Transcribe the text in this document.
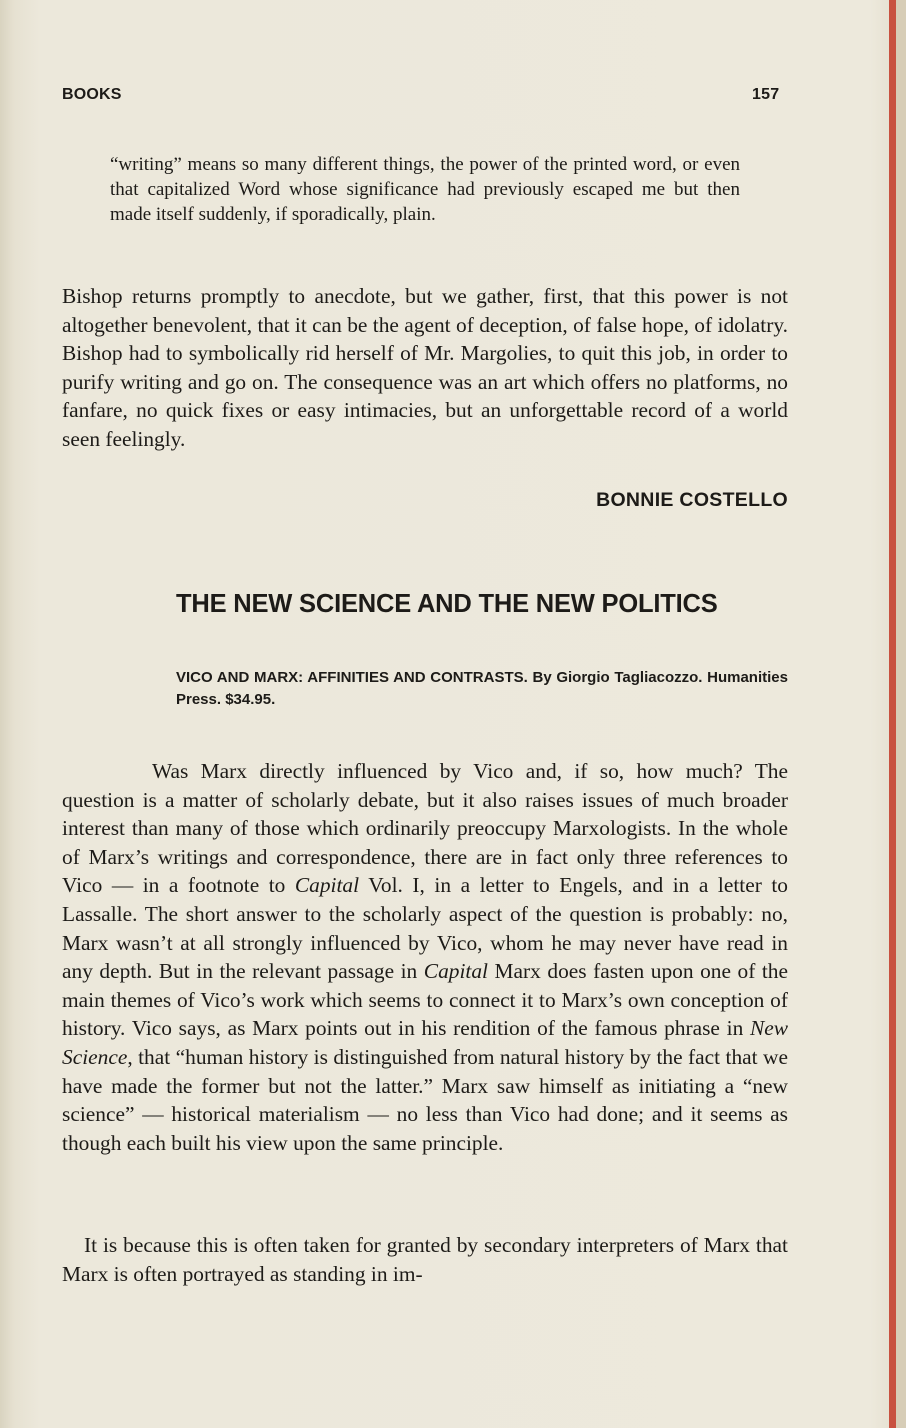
BOOKS	157
“writing” means so many different things, the power of the printed word, or even that capitalized Word whose significance had previously escaped me but then made itself suddenly, if sporadically, plain.
Bishop returns promptly to anecdote, but we gather, first, that this power is not altogether benevolent, that it can be the agent of deception, of false hope, of idolatry. Bishop had to symbolically rid herself of Mr. Margolies, to quit this job, in order to purify writing and go on. The consequence was an art which offers no platforms, no fanfare, no quick fixes or easy intimacies, but an unforgettable record of a world seen feelingly.
BONNIE COSTELLO
THE NEW SCIENCE AND THE NEW POLITICS
VICO AND MARX: AFFINITIES AND CONTRASTS. By Giorgio Tagliacozzo. Humanities Press. $34.95.
Was Marx directly influenced by Vico and, if so, how much? The question is a matter of scholarly debate, but it also raises issues of much broader interest than many of those which ordinarily preoccupy Marxologists. In the whole of Marx’s writings and correspondence, there are in fact only three references to Vico — in a footnote to Capital Vol. I, in a letter to Engels, and in a letter to Lassalle. The short answer to the scholarly aspect of the question is probably: no, Marx wasn’t at all strongly influenced by Vico, whom he may never have read in any depth. But in the relevant passage in Capital Marx does fasten upon one of the main themes of Vico’s work which seems to connect it to Marx’s own conception of history. Vico says, as Marx points out in his rendition of the famous phrase in New Science, that “human history is distinguished from natural history by the fact that we have made the former but not the latter.” Marx saw himself as initiating a “new science” — historical materialism — no less than Vico had done; and it seems as though each built his view upon the same principle.
It is because this is often taken for granted by secondary interpreters of Marx that Marx is often portrayed as standing in im-
